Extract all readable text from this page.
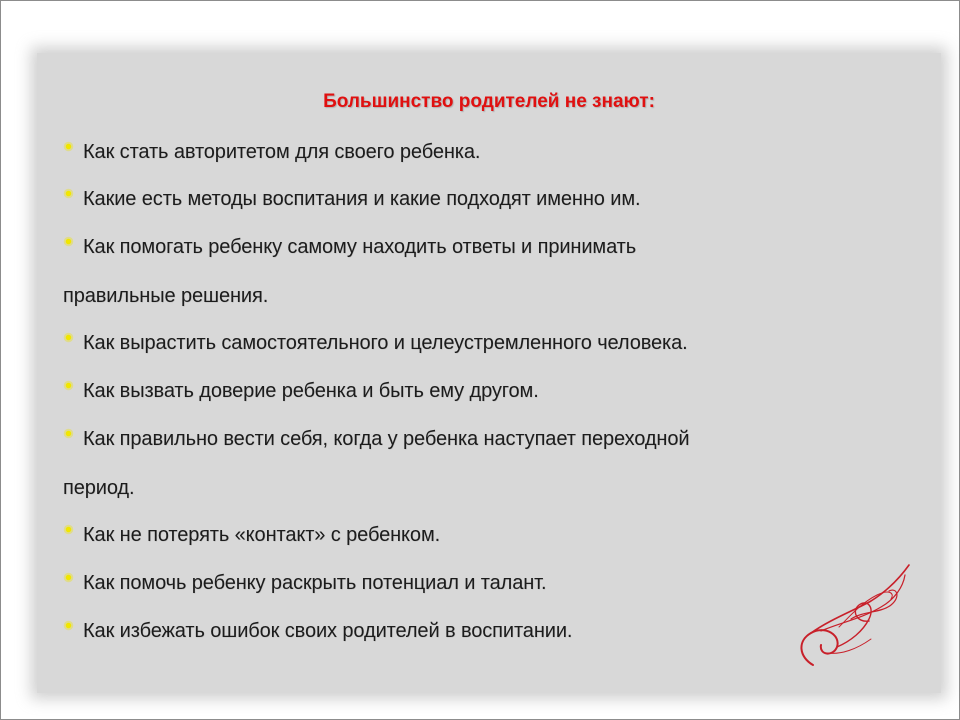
Большинство родителей не знают:
Как стать авторитетом для своего ребенка.
Какие есть методы воспитания и какие подходят именно им.
Как помогать ребенку самому находить ответы и принимать
правильные решения.
Как вырастить самостоятельного и целеустремленного человека.
Как вызвать доверие ребенка и быть ему другом.
Как правильно вести себя, когда у ребенка наступает переходной
период.
Как не потерять «контакт» с ребенком.
Как помочь ребенку раскрыть потенциал и талант.
Как избежать ошибок своих родителей в воспитании.
